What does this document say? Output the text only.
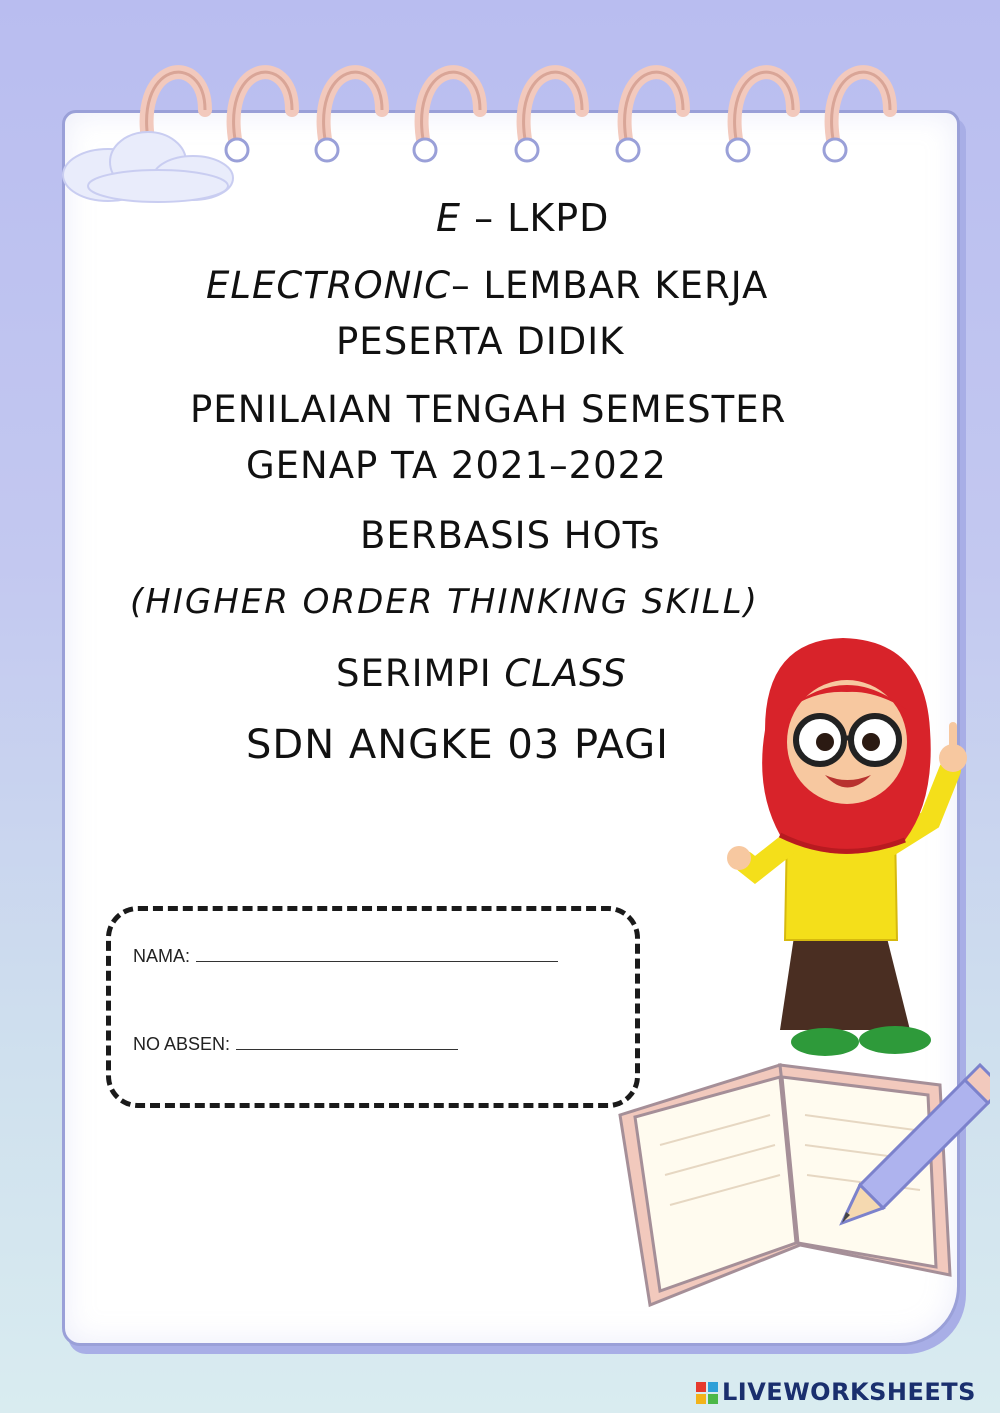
E – LKPD
ELECTRONIC– LEMBAR KERJA
PESERTA DIDIK
PENILAIAN TENGAH SEMESTER
GENAP TA 2021–2022
BERBASIS HOTs
(HIGHER ORDER THINKING SKILL)
SERIMPI CLASS
SDN ANGKE 03 PAGI
NAMA:
NO ABSEN:
LIVEWORKSHEETS
